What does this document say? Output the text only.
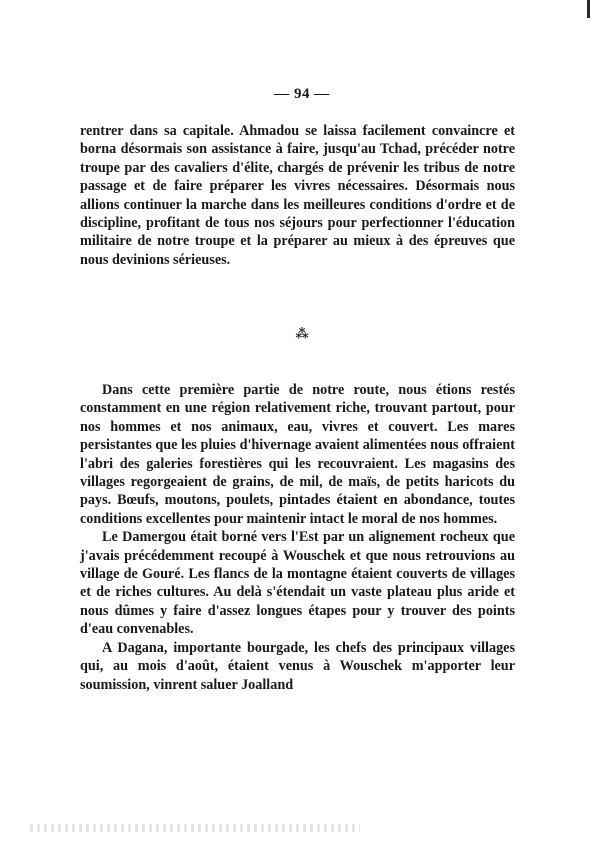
— 94 —

rentrer dans sa capitale. Ahmadou se laissa facilement convaincre et borna désormais son assistance à faire, jusqu'au Tchad, précéder notre troupe par des cavaliers d'élite, chargés de prévenir les tribus de notre passage et de faire préparer les vivres nécessaires. Désormais nous allions continuer la marche dans les meilleures conditions d'ordre et de discipline, profitant de tous nos séjours pour perfectionner l'éducation militaire de notre troupe et la préparer au mieux à des épreuves que nous devinions sérieuses.

⁂

Dans cette première partie de notre route, nous étions restés constamment en une région relativement riche, trouvant partout, pour nos hommes et nos animaux, eau, vivres et couvert. Les mares persistantes que les pluies d'hivernage avaient alimentées nous offraient l'abri des galeries forestières qui les recouvraient. Les magasins des villages regorgeaient de grains, de mil, de maïs, de petits haricots du pays. Bœufs, moutons, poulets, pintades étaient en abondance, toutes conditions excellentes pour maintenir intact le moral de nos hommes.

Le Damergou était borné vers l'Est par un alignement rocheux que j'avais précédemment recoupé à Wouschek et que nous retrouvions au village de Gouré. Les flancs de la montagne étaient couverts de villages et de riches cultures. Au delà s'étendait un vaste plateau plus aride et nous dûmes y faire d'assez longues étapes pour y trouver des points d'eau convenables.

A Dagana, importante bourgade, les chefs des principaux villages qui, au mois d'août, étaient venus à Wouschek m'apporter leur soumission, vinrent saluer Joalland
